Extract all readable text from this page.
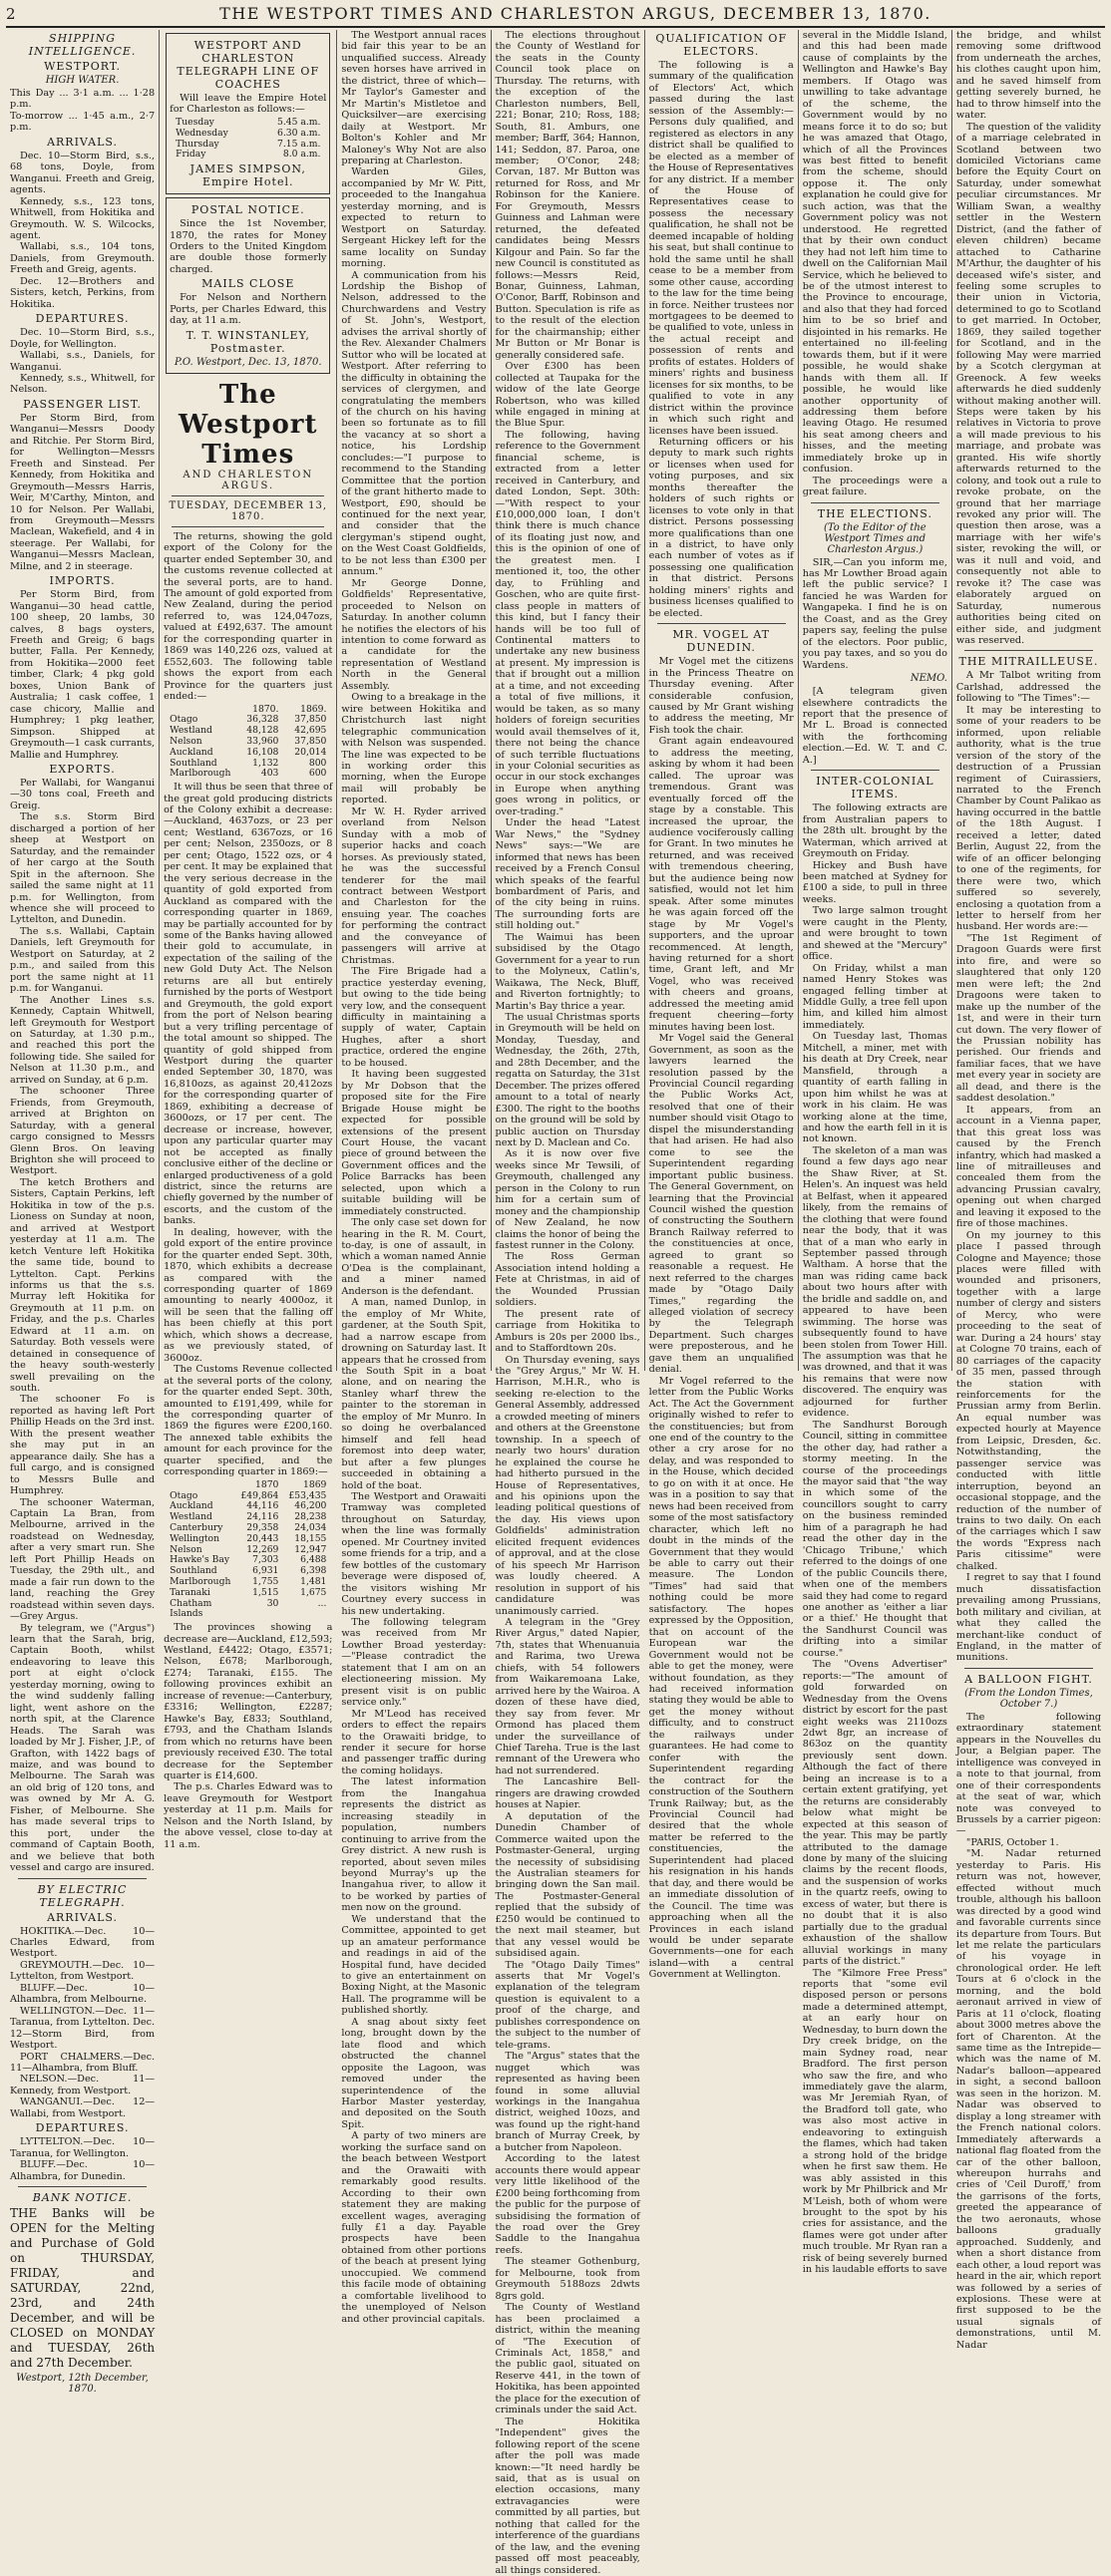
2	THE WESTPORT TIMES AND CHARLESTON ARGUS, DECEMBER 13, 1870.
SHIPPING INTELLIGENCE.
WESTPORT.
HIGH WATER.

This Day ... 3·1 a.m. ... 1·28 p.m.

To-morrow ... 1·45 a.m., 2·7 p.m.

ARRIVALS.

Dec. 10—Storm Bird, s.s., 68 tons, Doyle, from Wanganui. Freeth and Greig, agents.

Kennedy, s.s., 123 tons, Whitwell, from Hokitika and Greymouth. W. S. Wilcocks, agent.

Wallabi, s.s., 104 tons, Daniels, from Greymouth. Freeth and Greig, agents.

Dec. 12—Brothers and Sisters, ketch, Perkins, from Hokitika.

DEPARTURES.

Dec. 10—Storm Bird, s.s., Doyle, for Wellington.

Wallabi, s.s., Daniels, for Wanganui.

Kennedy, s.s., Whitwell, for Nelson.

PASSENGER LIST.

Per Storm Bird, from Wanganui—Messrs Doody and Ritchie. Per Storm Bird, for Wellington—Messrs Freeth and Sinstead. Per Kennedy, from Hokitika and Greymouth—Messrs Harris, Weir, M'Carthy, Minton, and 10 for Nelson. Per Wallabi, from Greymouth—Messrs Maclean, Wakefield, and 4 in steerage. Per Wallabi, for Wanganui—Messrs Maclean, Milne, and 2 in steerage.

IMPORTS.

Per Storm Bird, from Wanganui—30 head cattle, 100 sheep, 20 lambs, 30 calves, 8 bags oysters, Freeth and Greig; 6 bags butter, Falla. Per Kennedy, from Hokitika—2000 feet timber, Clark; 4 pkg gold boxes, Union Bank of Australia; 1 cask coffee, 1 case chicory, Mallie and Humphrey; 1 pkg leather, Simpson. Shipped at Greymouth—1 cask currants, Mallie and Humphrey.

EXPORTS.

Per Wallabi, for Wanganui—30 tons coal, Freeth and Greig.

The s.s. Storm Bird discharged a portion of her sheep at Westport on Saturday, and the remainder of her cargo at the South Spit in the afternoon. She sailed the same night at 11 p.m. for Wellington, from whence she will proceed to Lyttelton, and Dunedin.

The s.s. Wallabi, Captain Daniels, left Greymouth for Westport on Saturday, at 2 p.m., and sailed from this port the same night at 11 p.m. for Wanganui.

The Another Lines s.s. Kennedy, Captain Whitwell, left Greymouth for Westport on Saturday, at 1.30 p.m., and reached this port the following tide. She sailed for Nelson at 11.30 p.m., and arrived on Sunday, at 6 p.m.

The schooner Three Friends, from Greymouth, arrived at Brighton on Saturday, with a general cargo consigned to Messrs Glenn Bros. On leaving Brighton she will proceed to Westport.

The ketch Brothers and Sisters, Captain Perkins, left Hokitika in tow of the p.s. Lioness on Sunday at noon, and arrived at Westport yesterday at 11 a.m. The ketch Venture left Hokitika the same tide, bound to Lyttelton. Capt. Perkins informs us that the s.s. Murray left Hokitika for Greymouth at 11 p.m. on Friday, and the p.s. Charles Edward at 11 a.m. on Saturday. Both vessels were detained in consequence of the heavy south-westerly swell prevailing on the south.

The schooner Fo is reported as having left Port Phillip Heads on the 3rd inst. With the present weather she may put in an appearance daily. She has a full cargo, and is consigned to Messrs Bulle and Humphrey.

The schooner Waterman, Captain La Bran, from Melbourne, arrived in the roadstead on Wednesday, after a very smart run. She left Port Phillip Heads on Tuesday, the 29th ult., and made a fair run down to the land, reaching the Grey roadstead within seven days.—Grey Argus.

By telegram, we ("Argus") learn that the Sarah, brig, Captain Booth, whilst endeavoring to leave this port at eight o'clock yesterday morning, owing to the wind suddenly falling light, went ashore on the north spit, at the Clarence Heads. The Sarah was loaded by Mr J. Fisher, J.P., of Grafton, with 1422 bags of maize, and was bound to Melbourne. The Sarah was an old brig of 120 tons, and was owned by Mr A. G. Fisher, of Melbourne. She has made several trips to this port, under the command of Captain Booth, and we believe that both vessel and cargo are insured.

BY ELECTRIC TELEGRAPH.
ARRIVALS.

HOKITIKA.—Dec. 10—Charles Edward, from Westport.

GREYMOUTH.—Dec. 10—Lyttelton, from Westport.

BLUFF.—Dec. 10—Alhambra, from Melbourne.

WELLINGTON.—Dec. 11—Taranua, from Lyttelton. Dec. 12—Storm Bird, from Westport.

PORT CHALMERS.—Dec. 11—Alhambra, from Bluff.

NELSON.—Dec. 11—Kennedy, from Westport.

WANGANUI.—Dec. 12—Wallabi, from Westport.

DEPARTURES.

LYTTELTON.—Dec. 10—Taranua, for Wellington.

BLUFF.—Dec. 10—Alhambra, for Dunedin.

BANK NOTICE.

THE Banks will be OPEN for the Melting and Purchase of Gold on THURSDAY, FRIDAY, and SATURDAY, 22nd, 23rd, and 24th December, and will be CLOSED on MONDAY and TUESDAY, 26th and 27th December.

Westport, 12th December, 1870.
WESTPORT AND CHARLESTON TELEGRAPH LINE OF COACHES

Will leave the Empire Hotel for Charleston as follows:—

Tuesday	5.45 a.m.
Wednesday	6.30 a.m.
Thursday	7.15 a.m.
Friday	8.0 a.m.
JAMES SIMPSON, Empire Hotel.
POSTAL NOTICE.

Since the 1st November, 1870, the rates for Money Orders to the United Kingdom are double those formerly charged.

MAILS CLOSE

For Nelson and Northern Ports, per Charles Edward, this day, at 11 a.m.

T. T. WINSTANLEY, Postmaster.
P.O. Westport, Dec. 13, 1870.
The Westport Times
AND CHARLESTON ARGUS.
TUESDAY, DECEMBER 13, 1870.

The returns, showing the gold export of the Colony for the quarter ended September 30, and the customs revenue collected at the several ports, are to hand. The amount of gold exported from New Zealand, during the period referred to, was 124,047ozs, valued at £492,637. The amount for the corresponding quarter in 1869 was 140,226 ozs, valued at £552,603. The following table shows the export from each Province for the quarters just ended:—

1870.	1869.
Otago	36,328	37,850
Westland	48,128	42,695
Nelson	33,960	37,850
Auckland	16,108	20,014
Southland	1,132	800
Marlborough	403	600

It will thus be seen that three of the great gold producing districts of the Colony exhibit a decrease:—Auckland, 4637ozs, or 23 per cent; Westland, 6367ozs, or 16 per cent; Nelson, 2350ozs, or 8 per cent; Otago, 1522 ozs, or 4 per cent. It may be explained that the very serious decrease in the quantity of gold exported from Auckland as compared with the corresponding quarter in 1869, may be partially accounted for by some of the Banks having allowed their gold to accumulate, in expectation of the sailing of the new Gold Duty Act. The Nelson returns are all but entirely furnished by the ports of Westport and Greymouth, the gold export from the port of Nelson bearing but a very trifling percentage of the total amount so shipped. The quantity of gold shipped from Westport during the quarter ended September 30, 1870, was 16,810ozs, as against 20,412ozs for the corresponding quarter of 1869, exhibiting a decrease of 3600ozs, or 17 per cent. The decrease or increase, however, upon any particular quarter may not be accepted as finally conclusive either of the decline or enlarged productiveness of a gold district, since the returns are chiefly governed by the number of escorts, and the custom of the banks.

In dealing, however, with the gold export of the entire province for the quarter ended Sept. 30th, 1870, which exhibits a decrease as compared with the corresponding quarter of 1869 amounting to nearly 4000oz, it will be seen that the falling off has been chiefly at this port which, which shows a decrease, as we previously stated, of 3600oz.

The Customs Revenue collected at the several ports of the colony, for the quarter ended Sept. 30th, amounted to £191,499, while for the corresponding quarter of 1869 the figures were £200,160. The annexed table exhibits the amount for each province for the quarter specified, and the corresponding quarter in 1869:—

1870	1869
Otago	£49,864	£53,435
Auckland	44,116	46,200
Westland	24,116	28,238
Canterbury	29,358	24,034
Wellington	20,443	18,155
Nelson	12,269	12,947
Hawke's Bay	7,303	6,488
Southland	6,931	6,398
Marlborough	1,755	1,481
Taranaki	1,515	1,675
Chatham Islands
30	...

The provinces showing a decrease are—Auckland, £12,593; Westland, £4422; Otago, £3571; Nelson, £678; Marlborough, £274; Taranaki, £155. The following provinces exhibit an increase of revenue:—Canterbury, £3316; Wellington, £2287; Hawke's Bay, £833; Southland, £793, and the Chatham Islands from which no returns have been previously received £30. The total decrease for the September quarter is £14,600.

The p.s. Charles Edward was to leave Greymouth for Westport yesterday at 11 p.m. Mails for Nelson and the North Island, by the above vessel, close to-day at 11 a.m.

The Westport annual races bid fair this year to be an unqualified success. Already seven horses have arrived in the district, three of which—Mr Taylor's Gamester and Mr Martin's Mistletoe and Quicksilver—are exercising daily at Westport. Mr Bolton's Kohler and Mr Maloney's Why Not are also preparing at Charleston.

Warden Giles, accompanied by Mr W. Pitt, proceeded to the Inangahua yesterday morning, and is expected to return to Westport on Saturday. Sergeant Hickey left for the same locality on Sunday morning.

A communication from his Lordship the Bishop of Nelson, addressed to the Churchwardens and Vestry of St. John's, Westport, advises the arrival shortly of the Rev. Alexander Chalmers Suttor who will be located at Westport. After referring to the difficulty in obtaining the services of clergymen, and congratulating the members of the church on his having been so fortunate as to fill the vacancy at so short a notice, his Lordship concludes:—"I purpose to recommend to the Standing Committee that the portion of the grant hitherto made to Westport, £90, should be continued for the next year, and consider that the clergyman's stipend ought, on the West Coast Goldfields, to be not less than £300 per annum."

Mr George Donne, Goldfields' Representative, proceeded to Nelson on Saturday. In another column he notifies the electors of his intention to come forward as a candidate for the representation of Westland North in the General Assembly.

Owing to a breakage in the wire between Hokitika and Christchurch last night telegraphic communication with Nelson was suspended. The line was expected to be in working order this morning, when the Europe mail will probably be reported.

Mr W. H. Ryder arrived overland from Nelson Sunday with a mob of superior hacks and coach horses. As previously stated, he was the successful tenderer for the mail contract between Westport and Charleston for the ensuing year. The coaches for performing the contract and the conveyance of passengers will arrive at Christmas.

The Fire Brigade had a practice yesterday evening, but owing to the tide being very low, and the consequent difficulty in maintaining a supply of water, Captain Hughes, after a short practice, ordered the engine to be housed.

It having been suggested by Mr Dobson that the proposed site for the Fire Brigade House might be expected for possible extensions of the present Court House, the vacant piece of ground between the Government offices and the Police Barracks has been selected, upon which a suitable building will be immediately constructed.

The only case set down for hearing in the R. M. Court, to-day, is one of assault, in which a woman named Annie O'Dea is the complainant, and a miner named Anderson is the defendant.

A man, named Dunlop, in the employ of Mr White, gardener, at the South Spit, had a narrow escape from drowning on Saturday last. It appears that he crossed from the South Spit in a boat alone, and on nearing the Stanley wharf threw the painter to the storeman in the employ of Mr Munro. In so doing he overbalanced himself and fell head foremost into deep water, but after a few plunges succeeded in obtaining a hold of the boat.

The Westport and Orawaiti Tramway was completed throughout on Saturday, when the line was formally opened. Mr Courtney invited some friends for a trip, and a few bottles of the customary beverage were disposed of, the visitors wishing Mr Courtney every success in his new undertaking.

The following telegram was received from Mr Lowther Broad yesterday:—"Please contradict the statement that I am on an electioneering mission. My present visit is on public service only."

Mr M'Leod has received orders to effect the repairs to the Orawaiti bridge, to render it secure for horse and passenger traffic during the coming holidays.

The latest information from the Inangahua represents the district as increasing steadily in population, numbers continuing to arrive from the Grey district. A new rush is reported, about seven miles beyond Murray's up the Inangahua river, to allow it to be worked by parties of men now on the ground.

We understand that the Committee, appointed to get up an amateur performance and readings in aid of the Hospital fund, have decided to give an entertainment on Boxing Night, at the Masonic Hall. The programme will be published shortly.

A snag about sixty feet long, brought down by the late flood and which obstructed the channel opposite the Lagoon, was removed under the superintendence of the Harbor Master yesterday, and deposited on the South Spit.

A party of two miners are working the surface sand on the beach between Westport and the Orawaiti with remarkably good results. According to their own statement they are making excellent wages, averaging fully £1 a day. Payable prospects have been obtained from other portions of the beach at present lying unoccupied. We commend this facile mode of obtaining a comfortable livelihood to the unemployed of Nelson and other provincial capitals.

The elections throughout the County of Westland for the seats in the County Council took place on Thursday. The returns, with the exception of the Charleston numbers, Bell, 221; Bonar, 210; Ross, 188; South, 81. Amburs, one member; Barff, 364; Hannon, 141; Seddon, 87. Paroa, one member; O'Conor, 248; Corvan, 187. Mr Button was returned for Ross, and Mr Robinson for the Kaniere. For Greymouth, Messrs Guinness and Lahman were returned, the defeated candidates being Messrs Kilgour and Pain. So far the new Council is constituted as follows:—Messrs Reid, Bonar, Guinness, Lahman, O'Conor, Barff, Robinson and Button. Speculation is rife as to the result of the election for the chairmanship; either Mr Button or Mr Bonar is generally considered safe.

Over £300 has been collected at Taupaka for the widow of the late George Robertson, who was killed while engaged in mining at the Blue Spur.

The following, having reference to the Government financial scheme, is extracted from a letter received in Canterbury, and dated London, Sept. 30th:—"With respect to your £10,000,000 loan, I don't think there is much chance of its floating just now, and this is the opinion of one of the greatest men. I mentioned it, too, the other day, to Frühling and Goschen, who are quite first-class people in matters of this kind, but I fancy their hands will be too full of Continental matters to undertake any new business at present. My impression is that if brought out a million at a time, and not exceeding a total of five millions, it would be taken, as so many holders of foreign securities would avail themselves of it, there not being the chance of such terrible fluctuations in your Colonial securities as occur in our stock exchanges in Europe when anything goes wrong in politics, or over-trading."

Under the head "Latest War News," the "Sydney News" says:—"We are informed that news has been received by a French Consul which speaks of the fearful bombardment of Paris, and of the city being in ruins. The surrounding forts are still holding out."

The Waimui has been subsidised by the Otago Government for a year to run to the Molyneux, Catlin's, Waikawa, The Neck, Bluff, and Riverton fortnightly; to Martin's Bay thrice a year.

The usual Christmas sports in Greymouth will be held on Monday, Tuesday, and Wednesday, the 26th, 27th, and 28th December, and the regatta on Saturday, the 31st December. The prizes offered amount to a total of nearly £300. The right to the booths on the ground will be sold by public auction on Thursday next by D. Maclean and Co.

As it is now over five weeks since Mr Tewsili, of Greymouth, challenged any person in the Colony to run him for a certain sum of money and the championship of New Zealand, he now claims the honor of being the fastest runner in the Colony.

The Ross German Association intend holding a Fete at Christmas, in aid of the Wounded Prussian soldiers.

The present rate of carriage from Hokitika to Amburs is 20s per 2000 lbs., and to Staffordtown 20s.

On Thursday evening, says the "Grey Argus," Mr W. H. Harrison, M.H.R., who is seeking re-election to the General Assembly, addressed a crowded meeting of miners and others at the Greenstone township. In a speech of nearly two hours' duration he explained the course he had hitherto pursued in the House of Representatives, and his opinions upon the leading political questions of the day. His views upon Goldfields' administration elicited frequent evidences of approval, and at the close of his speech Mr Harrison was loudly cheered. A resolution in support of his candidature was unanimously carried.

A telegram in the "Grey River Argus," dated Napier, 7th, states that Whenuanuia and Rarima, two Urewa chiefs, with 54 followers from Waikaremoana Lake, arrived here by the Wairoa. A dozen of these have died, they say from fever. Mr Ormond has placed them under the surveillance of Chief Tareha. True is the last remnant of the Urewera who had not surrendered.

The Lancashire Bell-ringers are drawing crowded houses at Napier.

A deputation of the Dunedin Chamber of Commerce waited upon the Postmaster-General, urging the necessity of subsidising the Australian steamers for bringing down the San mail. The Postmaster-General replied that the subsidy of £250 would be continued to the next mail steamer, but that any vessel would be subsidised again.

The "Otago Daily Times" asserts that Mr Vogel's explanation of the telegram question is equivalent to a proof of the charge, and publishes correspondence on the subject to the number of tele-grams.

The "Argus" states that the nugget which was represented as having been found in some alluvial workings in the Inangahua district, weighed 10ozs, and was found up the right-hand branch of Murray Creek, by a butcher from Napoleon.

According to the latest accounts there would appear very little likelihood of the £200 being forthcoming from the public for the purpose of subsidising the formation of the road over the Grey Saddle to the Inangahua reefs.

The steamer Gothenburg, for Melbourne, took from Greymouth 5188ozs 2dwts 8grs gold.

The County of Westland has been proclaimed a district, within the meaning of "The Execution of Criminals Act, 1858," and the public gaol, situated on Reserve 441, in the town of Hokitika, has been appointed the place for the execution of criminals under the said Act.

The Hokitika "Independent" gives the following report of the scene after the poll was made known:—"It need hardly be said, that as is usual on election occasions, many extravagancies were committed by all parties, but nothing that called for the interference of the guardians of the law, and the evening passed off most peaceably, all things considered.

QUALIFICATION OF ELECTORS.

The following is a summary of the qualification of Electors' Act, which passed during the last session of the Assembly:—Persons duly qualified, and registered as electors in any district shall be qualified to be elected as a member of the House of Representatives for any district. If a member of the House of Representatives cease to possess the necessary qualification, he shall not be deemed incapable of holding his seat, but shall continue to hold the same until he shall cease to be a member from some other cause, according to the law for the time being in force. Neither trustees nor mortgagees to be deemed to be qualified to vote, unless in the actual receipt and possession of rents and profits of estates. Holders of miners' rights and business licenses for six months, to be qualified to vote in any district within the province in which such right and licenses have been issued.

Returning officers or his deputy to mark such rights or licenses when used for voting purposes, and six months thereafter the holders of such rights or licenses to vote only in that district. Persons possessing more qualifications than one in a district, to have only each number of votes as if possessing one qualification in that district. Persons holding miners' rights and business licenses qualified to be elected.

MR. VOGEL AT DUNEDIN.

Mr Vogel met the citizens in the Princess Theatre on Thursday evening. After considerable confusion, caused by Mr Grant wishing to address the meeting, Mr Fish took the chair.

Grant again endeavoured to address the meeting, asking by whom it had been called. The uproar was tremendous. Grant was eventually forced off the stage by a constable. This increased the uproar, the audience vociferously calling for Grant. In two minutes he returned, and was received with tremendous cheering, but the audience being now satisfied, would not let him speak. After some minutes he was again forced off the stage by Mr Vogel's supporters, and the uproar recommenced. At length, having returned for a short time, Grant left, and Mr Vogel, who was received with cheers and groans, addressed the meeting amid frequent cheering—forty minutes having been lost.

Mr Vogel said the General Government, as soon as the lawyers learned the resolution passed by the Provincial Council regarding the Public Works Act, resolved that one of their number should visit Otago to dispel the misunderstanding that had arisen. He had also come to see the Superintendent regarding important public business. The General Government, on learning that the Provincial Council wished the question of constructing the Southern Branch Railway referred to the constituencies at once, agreed to grant so reasonable a request. He next referred to the charges made by "Otago Daily Times," regarding the alleged violation of secrecy by the Telegraph Department. Such charges were preposterous, and he gave them an unqualified denial.

Mr Vogel referred to the letter from the Public Works Act. The Act the Government originally wished to refer to the constituencies; but from one end of the country to the other a cry arose for no delay, and was responded to in the House, which decided to go on with it at once. He was in a position to say that news had been received from some of the most satisfactory character, which left no doubt in the minds of the Government that they would be able to carry out their measure. The London "Times" had said that nothing could be more satisfactory. The hopes expressed by the Opposition, that on account of the European war the Government would not be able to get the money, were without foundation, as they had received information stating they would be able to get the money without difficulty, and to construct the railways under guarantees. He had come to confer with the Superintendent regarding the contract for the construction of the Southern Trunk Railway; but, as the Provincial Council had desired that the whole matter be referred to the constituencies, the Superintendent had placed his resignation in his hands that day, and there would be an immediate dissolution of the Council. The time was approaching when all the Provinces in each island would be under separate Governments—one for each island—with a central Government at Wellington.

several in the Middle Island, and this had been made cause of complaints by the Wellington and Hawke's Bay members. If Otago was unwilling to take advantage of the scheme, the Government would by no means force it to do so; but he was amazed that Otago, which of all the Provinces was best fitted to benefit from the scheme, should oppose it. The only explanation he could give for such action, was that the Government policy was not understood. He regretted that by their own conduct they had not left him time to dwell on the Californian Mail Service, which he believed to be of the utmost interest to the Province to encourage, and also that they had forced him to be so brief and disjointed in his remarks. He entertained no ill-feeling towards them, but if it were possible, he would shake hands with them all. If possible, he would like another opportunity of addressing them before leaving Otago. He resumed his seat among cheers and hisses, and the meeting immediately broke up in confusion.

The proceedings were a great failure.

THE ELECTIONS.
(To the Editor of the Westport Times and Charleston Argus.)

SIR,—Can you inform me, has Mr Lowther Broad again left the public service? I fancied he was Warden for Wangapeka. I find he is on the Coast, and as the Grey papers say, feeling the pulse of the electors. Poor public, you pay taxes, and so you do Wardens.

NEMO.

[A telegram given elsewhere contradicts the report that the presence of Mr L. Broad is connected with the forthcoming election.—Ed. W. T. and C. A.]

INTER-COLONIAL ITEMS.

The following extracts are from Australian papers to the 28th ult. brought by the Waterman, which arrived at Greymouth on Friday.

Hickey and Bush have been matched at Sydney for £100 a side, to pull in three weeks.

Two large salmon trought were caught in the Plenty, and were brought to town and shewed at the "Mercury" office.

On Friday, whilst a man named Henry Stokes was engaged felling timber at Middle Gully, a tree fell upon him, and killed him almost immediately.

On Tuesday last, Thomas Mitchell, a miner, met with his death at Dry Creek, near Mansfield, through a quantity of earth falling in upon him whilst he was at work in his claim. He was working alone at the time, and how the earth fell in it is not known.

The skeleton of a man was found a few days ago near the Shaw River, at St. Helen's. An inquest was held at Belfast, when it appeared likely, from the remains of the clothing that were found near the body, that it was that of a man who early in September passed through Waltham. A horse that the man was riding came back about two hours after with the bridle and saddle on, and appeared to have been swimming. The horse was subsequently found to have been stolen from Tower Hill. The assumption was that he was drowned, and that it was his remains that were now discovered. The enquiry was adjourned for further evidence.

The Sandhurst Borough Council, sitting in committee the other day, had rather a stormy meeting. In the course of the proceedings the mayor said that "the way in which some of the councillors sought to carry on the business reminded him of a paragraph he had read the other day in the 'Chicago Tribune,' which referred to the doings of one of the public Councils there, when one of the members said they had come to regard one another as 'either a liar or a thief.' He thought that the Sandhurst Council was drifting into a similar course."

The "Ovens Advertiser" reports:—"The amount of gold forwarded on Wednesday from the Ovens district by escort for the past eight weeks was 2110ozs 2dwt 8gr, an increase of 863oz on the quantity previously sent down. Although the fact of there being an increase is to a certain extent gratifying, yet the returns are considerably below what might be expected at this season of the year. This may be partly attributed to the damage done by many of the sluicing claims by the recent floods, and the suspension of works in the quartz reefs, owing to excess of water, but there is no doubt that it is also partially due to the gradual exhaustion of the shallow alluvial workings in many parts of the district."

The "Kilmore Free Press" reports that "some evil disposed person or persons made a determined attempt, at an early hour on Wednesday, to burn down the Dry creek bridge, on the main Sydney road, near Bradford. The first person who saw the fire, and who immediately gave the alarm, was Mr Jeremiah Ryan, of the Bradford toll gate, who was also most active in endeavoring to extinguish the flames, which had taken a strong hold of the bridge when he first saw them. He was ably assisted in this work by Mr Philbrick and Mr M'Leish, both of whom were brought to the spot by his cries for assistance, and the flames were got under after much trouble. Mr Ryan ran a risk of being severely burned in his laudable efforts to save

the bridge, and whilst removing some driftwood from underneath the arches, his clothes caught upon him, and he saved himself from getting severely burned, he had to throw himself into the water.

The question of the validity of a marriage celebrated in Scotland between two domiciled Victorians came before the Equity Court on Saturday, under somewhat peculiar circumstances. Mr William Swan, a wealthy settler in the Western District, (and the father of eleven children) became attached to Catharine M'Arthur, the daughter of his deceased wife's sister, and feeling some scruples to their union in Victoria, determined to go to Scotland to get married. In October, 1869, they sailed together for Scotland, and in the following May were married by a Scotch clergyman at Greenock. A few weeks afterwards he died suddenly without making another will. Steps were taken by his relatives in Victoria to prove a will made previous to his marriage, and probate was granted. His wife shortly afterwards returned to the colony, and took out a rule to revoke probate, on the ground that her marriage revoked any prior will. The question then arose, was a marriage with her wife's sister, revoking the will, or was it null and void, and consequently not able to revoke it? The case was elaborately argued on Saturday, numerous authorities being cited on either side, and judgment was reserved.

THE MITRAILLEUSE.

A Mr Talbot writing from Carlshad, addressed the following to "The Times":—

It may be interesting to some of your readers to be informed, upon reliable authority, what is the true version of the story of the destruction of a Prussian regiment of Cuirassiers, narrated to the French Chamber by Count Palikao as having occurred in the battle of the 18th August. I received a letter, dated Berlin, August 22, from the wife of an officer belonging to one of the regiments, for there were two, which suffered so severely, enclosing a quotation from a letter to herself from her husband. Her words are:—

"The 1st Regiment of Dragoon Guards were first into fire, and were so slaughtered that only 120 men were left; the 2nd Dragoons were taken to make up the number of the 1st, and were in their turn cut down. The very flower of the Prussian nobility has perished. Our friends and familiar faces, that we have met every year in society are all dead, and there is the saddest desolation."

It appears, from an account in a Vienna paper, that this great loss was caused by the French infantry, which had masked a line of mitrailleuses and concealed them from the advancing Prussian cavalry, opening out when charged and leaving it exposed to the fire of those machines.

On my journey to this place I passed through Cologne and Mayence; those places were filled with wounded and prisoners, together with a large number of clergy and sisters of Mercy, who were proceeding to the seat of war. During a 24 hours' stay at Cologne 70 trains, each of 80 carriages of the capacity of 35 men, passed through the station with reinforcements for the Prussian army from Berlin. An equal number was expected hourly at Mayence from Leipsic, Dresden, &c. Notwithstanding, the passenger service was conducted with little interruption, beyond an occasional stoppage, and the reduction of the number of trains to two daily. On each of the carriages which I saw the words "Express nach Paris citissime" were chalked.

I regret to say that I found much dissatisfaction prevailing among Prussians, both military and civilian, at what they called the merchant-like conduct of England, in the matter of munitions.

A BALLOON FIGHT.
(From the London Times, October 7.)

The following extraordinary statement appears in the Nouvelles du Jour, a Belgian paper. The intelligence was conveyed in a note to that journal, from one of their correspondents at the seat of war, which note was conveyed to Brussels by a carrier pigeon:—

"PARIS, October 1.

"M. Nadar returned yesterday to Paris. His return was not, however, effected without much trouble, although his balloon was directed by a good wind and favorable currents since its departure from Tours. But let me relate the particulars of his voyage in chronological order. He left Tours at 6 o'clock in the morning, and the bold aeronaut arrived in view of Paris at 11 o'clock, floating about 3000 metres above the fort of Charenton. At the same time as the Intrepide—which was the name of M. Nadar's balloon—appeared in sight, a second balloon was seen in the horizon. M. Nadar was observed to display a long streamer with the French national colors. Immediately afterwards a national flag floated from the car of the other balloon, whereupon hurrahs and cries of 'Ceil Duroff,' from the garrisons of the forts, greeted the appearance of the two aeronauts, whose balloons gradually approached. Suddenly, and when a short distance from each other, a loud report was heard in the air, which report was followed by a series of explosions. These were at first supposed to be the usual signals of demonstrations, until M. Nadar
